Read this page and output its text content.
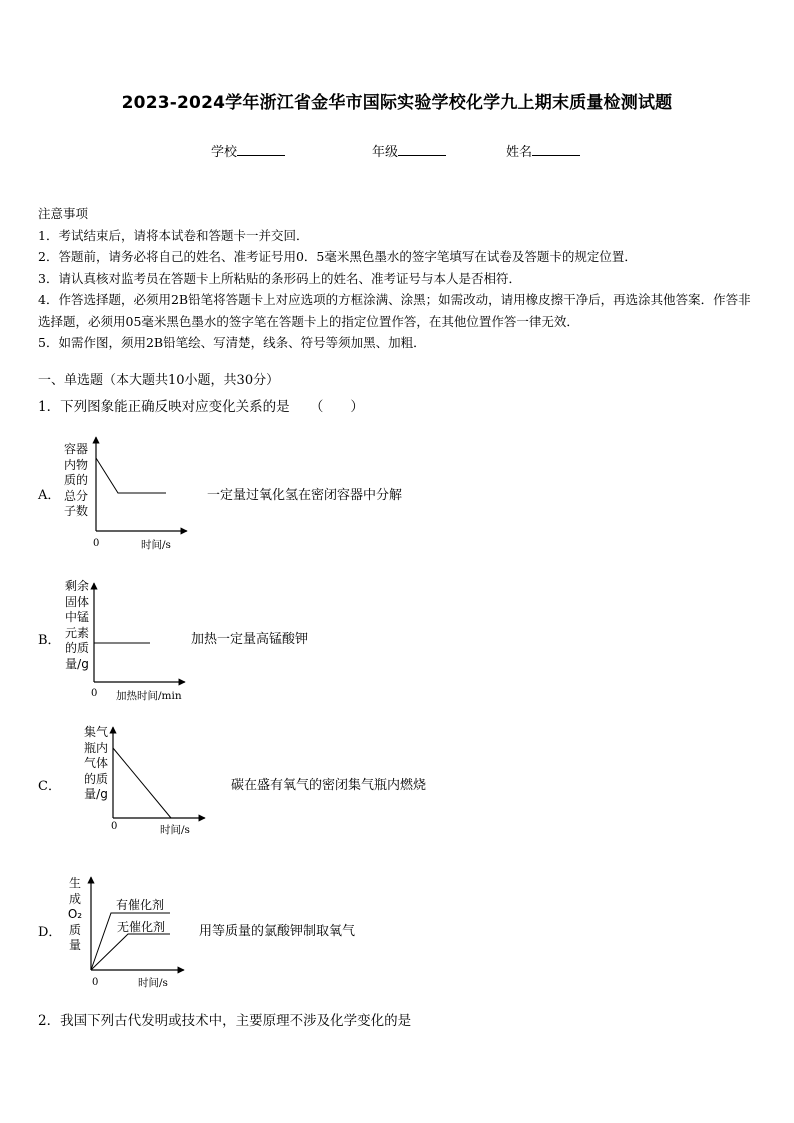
2023-2024学年浙江省金华市国际实验学校化学九上期末质量检测试题
学校	年级	姓名
注意事项
1．考试结束后，请将本试卷和答题卡一并交回．
2．答题前，请务必将自己的姓名、准考证号用0．5毫米黑色墨水的签字笔填写在试卷及答题卡的规定位置．
3．请认真核对监考员在答题卡上所粘贴的条形码上的姓名、准考证号与本人是否相符．
4．作答选择题，必须用2B铅笔将答题卡上对应选项的方框涂满、涂黑；如需改动，请用橡皮擦干净后，再选涂其他答案．作答非选择题，必须用05毫米黑色墨水的签字笔在答题卡上的指定位置作答，在其他位置作答一律无效．
5．如需作图，须用2B铅笔绘、写清楚，线条、符号等须加黑、加粗．
一、单选题（本大题共10小题，共30分）
1．下列图象能正确反映对应变化关系的是　　（　　）
A．
容器内物质的总分子数
0	时间/s
一定量过氧化氢在密闭容器中分解
B．
剩余固体中锰元素的质量/g
0 加热时间/min
加热一定量高锰酸钾
C．
集气瓶内气体的质量/g
0	时间/s
碳在盛有氧气的密闭集气瓶内燃烧
D．
生
成
O₂
质
量
有催化剂
无催化剂
0	时间/s
用等质量的氯酸钾制取氧气
2．我国下列古代发明或技术中，主要原理不涉及化学变化的是
